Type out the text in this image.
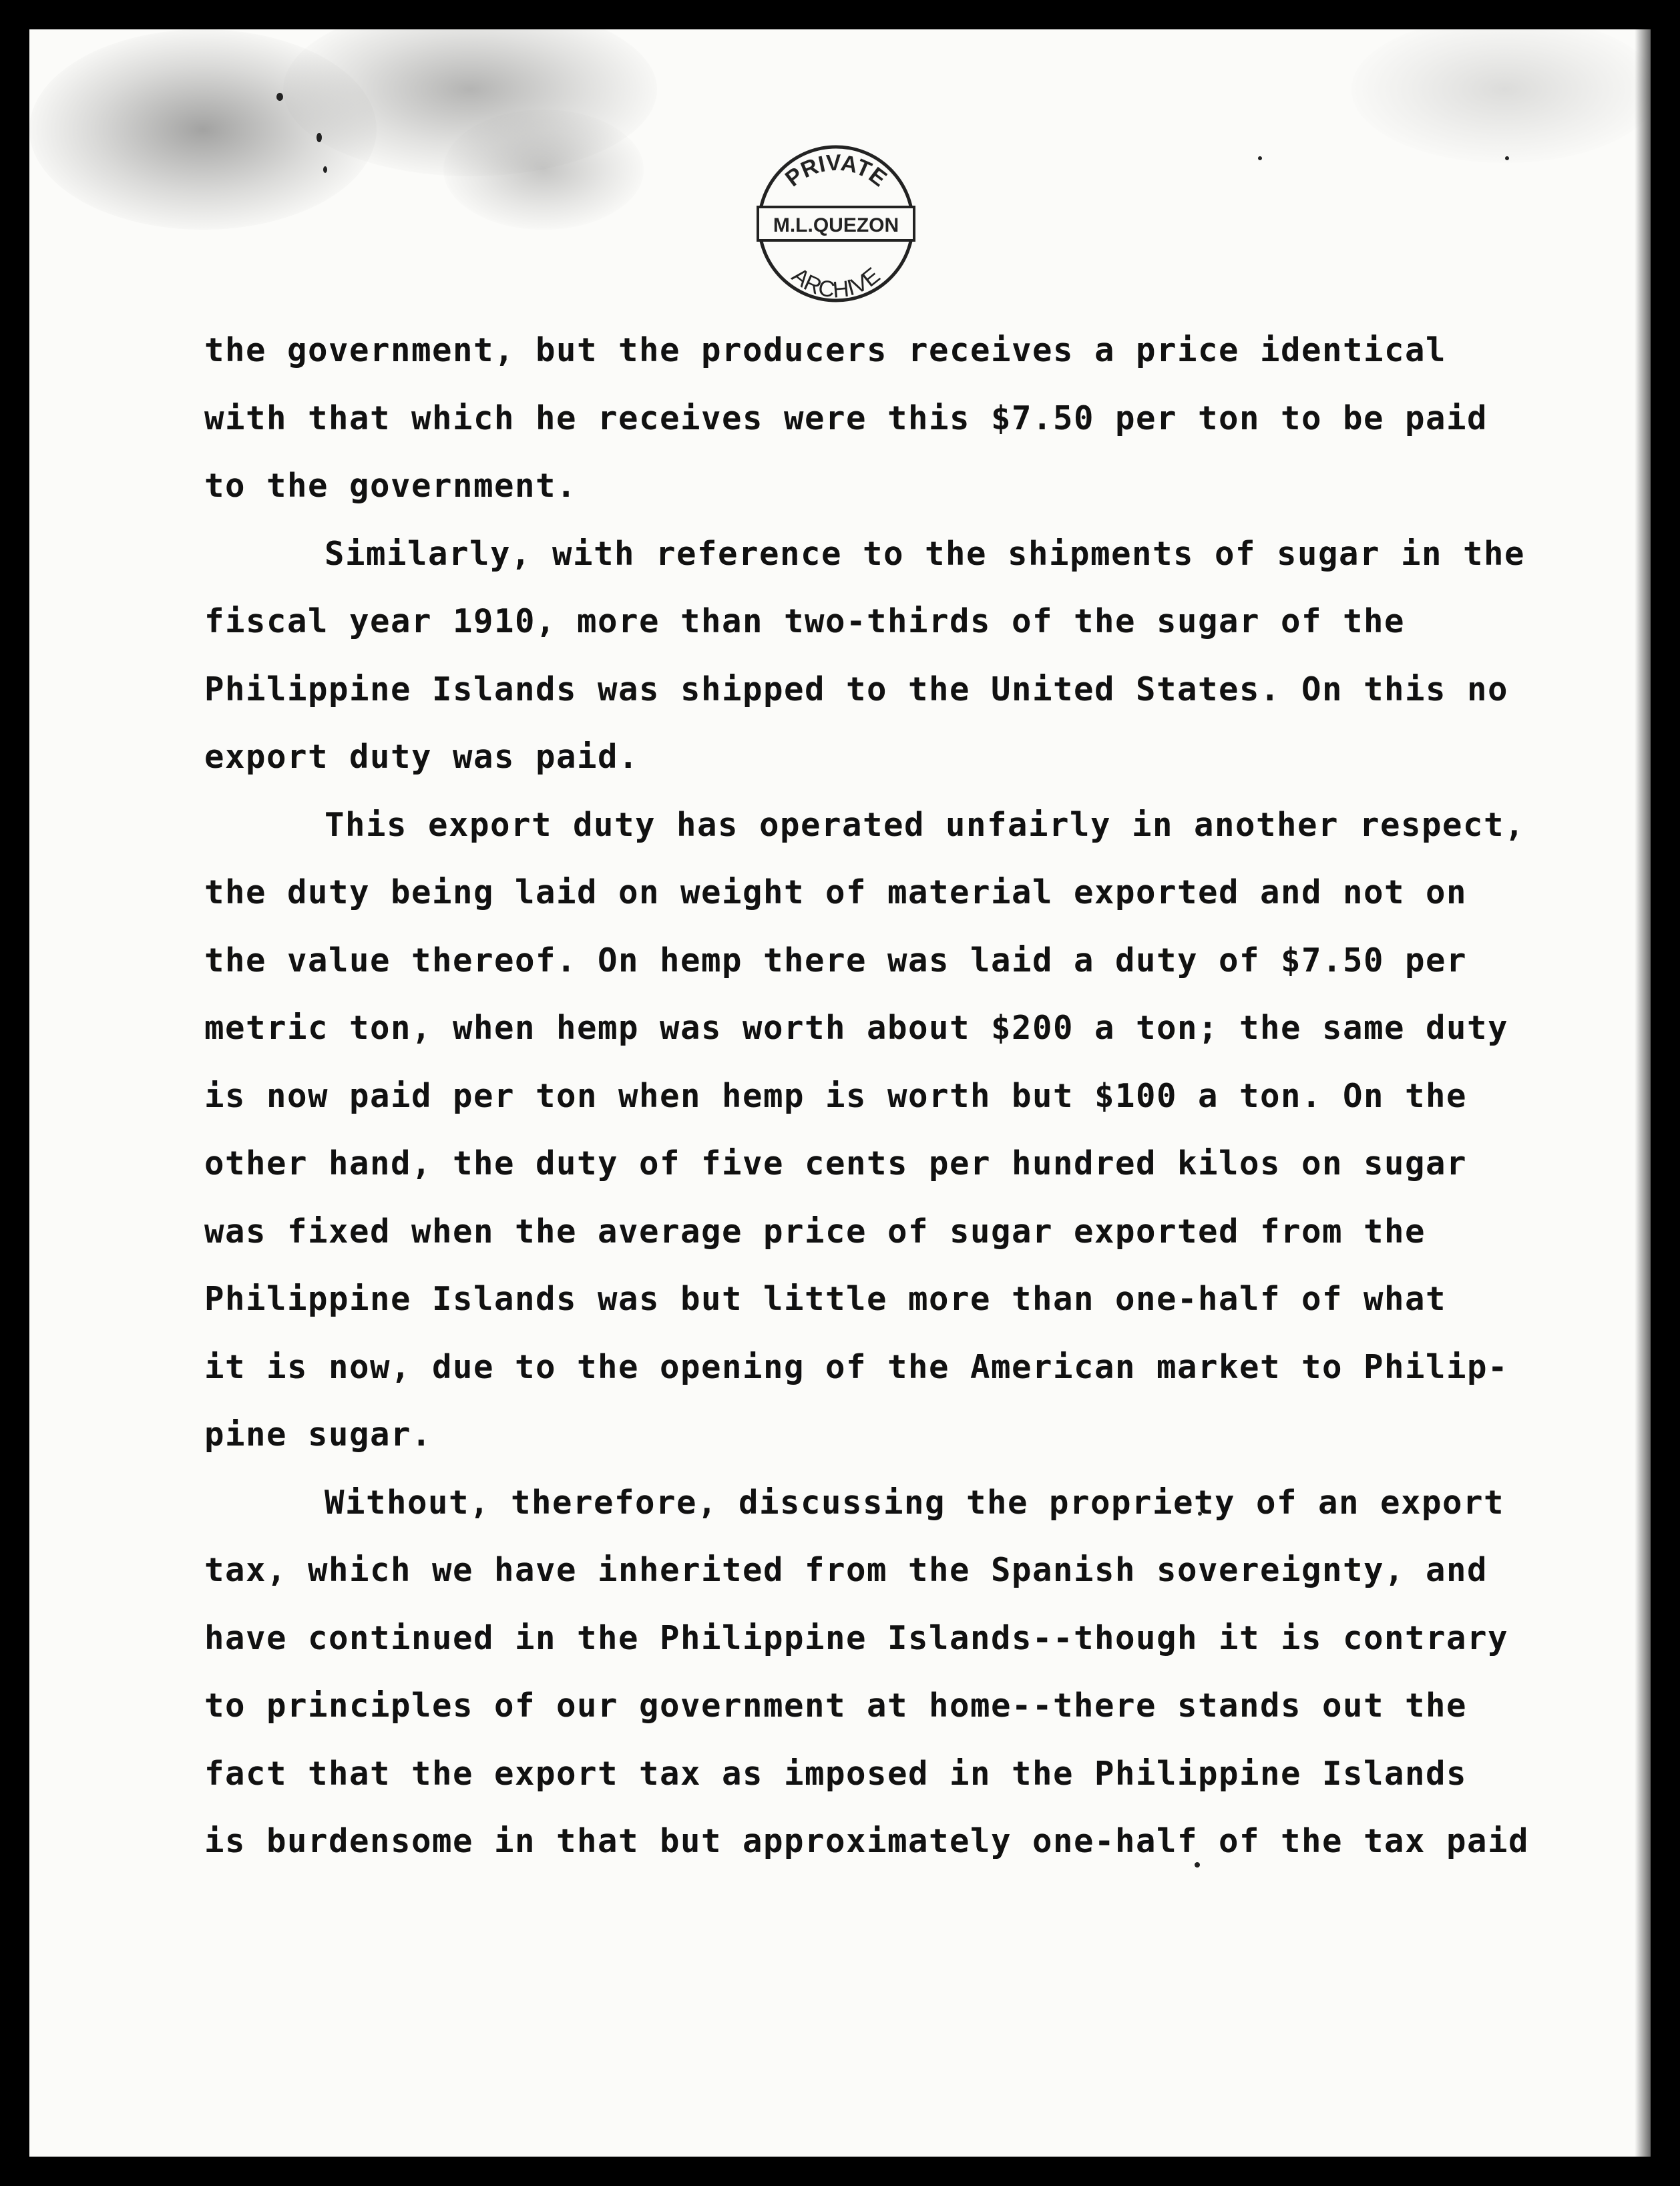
PRIVATE
M.L.QUEZON
ARCHIVE
the government, but the producers receives a price identical
with that which he receives were this $7.50 per ton to be paid
to the government.
Similarly, with reference to the shipments of sugar in the
fiscal year 1910, more than two-thirds of the sugar of the
Philippine Islands was shipped to the United States. On this no
export duty was paid.
This export duty has operated unfairly in another respect,
the duty being laid on weight of material exported and not on
the value thereof. On hemp there was laid a duty of $7.50 per
metric ton, when hemp was worth about $200 a ton; the same duty
is now paid per ton when hemp is worth but $100 a ton. On the
other hand, the duty of five cents per hundred kilos on sugar
was fixed when the average price of sugar exported from the
Philippine Islands was but little more than one-half of what
it is now, due to the opening of the American market to Philip-
pine sugar.
Without, therefore, discussing the propriety of an export
tax, which we have inherited from the Spanish sovereignty, and
have continued in the Philippine Islands--though it is contrary
to principles of our government at home--there stands out the
fact that the export tax as imposed in the Philippine Islands
is burdensome in that but approximately one-half of the tax paid
